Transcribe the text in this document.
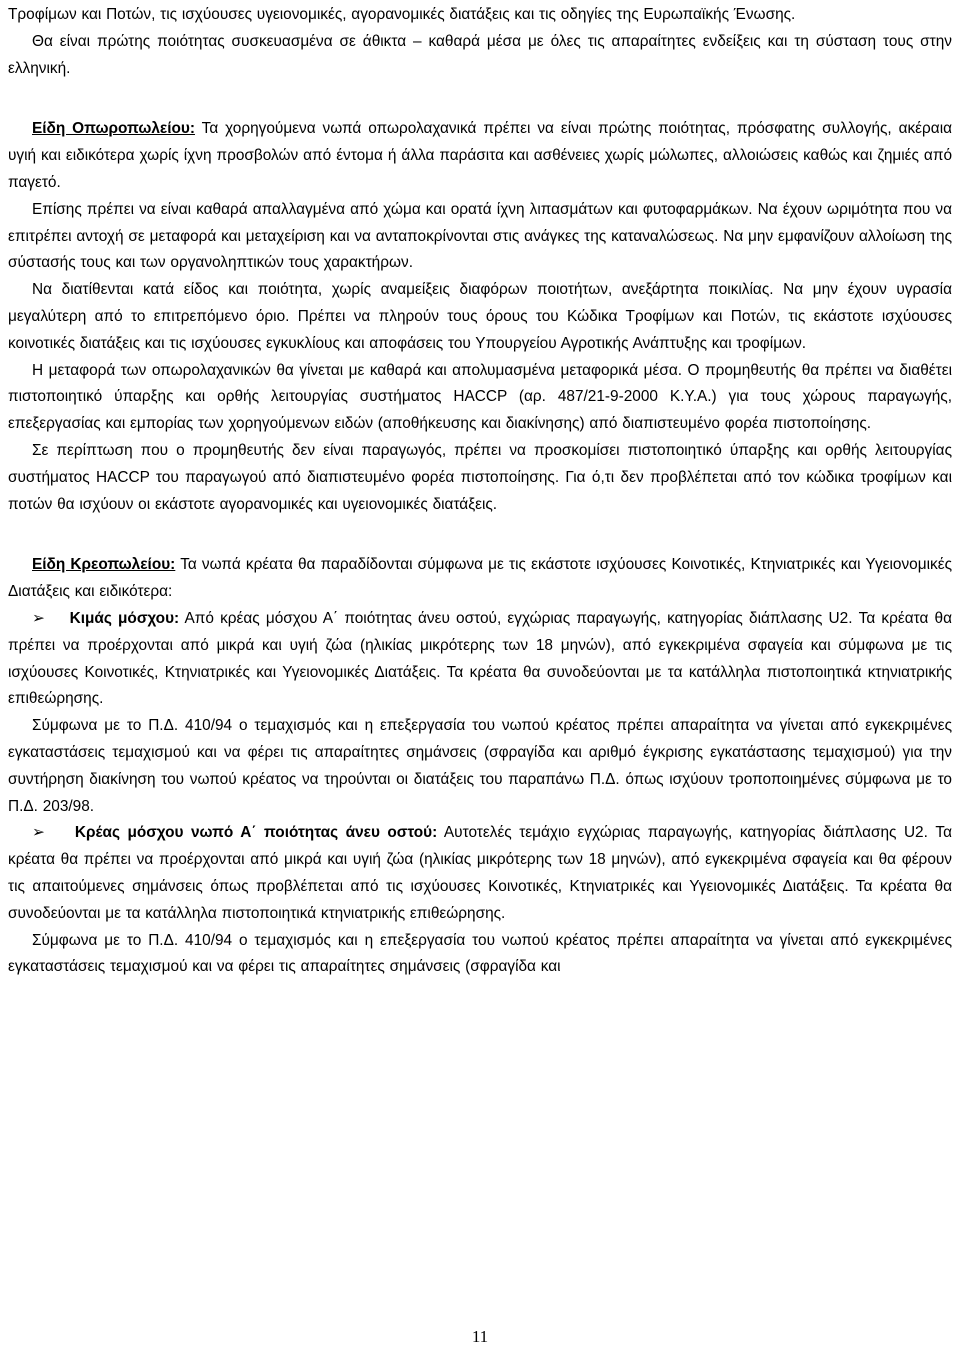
Τροφίμων και Ποτών, τις ισχύουσες υγειονομικές, αγορανομικές διατάξεις και τις οδηγίες της Ευρωπαϊκής Ένωσης.

Θα είναι πρώτης ποιότητας συσκευασμένα σε άθικτα – καθαρά μέσα με όλες τις απαραίτητες ενδείξεις και τη σύσταση τους στην ελληνική.

Είδη Οπωροπωλείου: Τα χορηγούμενα νωπά οπωρολαχανικά πρέπει να είναι πρώτης ποιότητας, πρόσφατης συλλογής, ακέραια υγιή και ειδικότερα χωρίς ίχνη προσβολών από έντομα ή άλλα παράσιτα και ασθένειες χωρίς μώλωπες, αλλοιώσεις καθώς και ζημιές από παγετό.

Επίσης πρέπει να είναι καθαρά απαλλαγμένα από χώμα και ορατά ίχνη λιπασμάτων και φυτοφαρμάκων. Να έχουν ωριμότητα που να επιτρέπει αντοχή σε μεταφορά και μεταχείριση και να ανταποκρίνονται στις ανάγκες της καταναλώσεως. Να μην εμφανίζουν αλλοίωση της σύστασής τους και των οργανοληπτικών τους χαρακτήρων.

Να διατίθενται κατά είδος και ποιότητα, χωρίς αναμείξεις διαφόρων ποιοτήτων, ανεξάρτητα ποικιλίας. Να μην έχουν υγρασία μεγαλύτερη από το επιτρεπόμενο όριο. Πρέπει να πληρούν τους όρους του Κώδικα Τροφίμων και Ποτών, τις εκάστοτε ισχύουσες κοινοτικές διατάξεις και τις ισχύουσες εγκυκλίους και αποφάσεις του Υπουργείου Αγροτικής Ανάπτυξης και τροφίμων.

Η μεταφορά των οπωρολαχανικών θα γίνεται με καθαρά και απολυμασμένα μεταφορικά μέσα. Ο προμηθευτής θα πρέπει να διαθέτει πιστοποιητικό ύπαρξης και ορθής λειτουργίας συστήματος HACCP (αρ. 487/21-9-2000 Κ.Υ.Α.) για τους χώρους παραγωγής, επεξεργασίας και εμπορίας των χορηγούμενων ειδών (αποθήκευσης και διακίνησης) από διαπιστευμένο φορέα πιστοποίησης.

Σε περίπτωση που ο προμηθευτής δεν είναι παραγωγός, πρέπει να προσκομίσει πιστοποιητικό ύπαρξης και ορθής λειτουργίας συστήματος HACCP του παραγωγού από διαπιστευμένο φορέα πιστοποίησης. Για ό,τι δεν προβλέπεται από τον κώδικα τροφίμων και ποτών θα ισχύουν οι εκάστοτε αγορανομικές και υγειονομικές διατάξεις.

Είδη Κρεοπωλείου: Τα νωπά κρέατα θα παραδίδονται σύμφωνα με τις εκάστοτε ισχύουσες Κοινοτικές, Κτηνιατρικές και Υγειονομικές Διατάξεις και ειδικότερα:

➢ Κιμάς μόσχου: Από κρέας μόσχου Α΄ ποιότητας άνευ οστού, εγχώριας παραγωγής, κατηγορίας διάπλασης U2. Τα κρέατα θα πρέπει να προέρχονται από μικρά και υγιή ζώα (ηλικίας μικρότερης των 18 μηνών), από εγκεκριμένα σφαγεία και σύμφωνα με τις ισχύουσες Κοινοτικές, Κτηνιατρικές και Υγειονομικές Διατάξεις. Τα κρέατα θα συνοδεύονται με τα κατάλληλα πιστοποιητικά κτηνιατρικής επιθεώρησης.

Σύμφωνα με το Π.Δ. 410/94 ο τεμαχισμός και η επεξεργασία του νωπού κρέατος πρέπει απαραίτητα να γίνεται από εγκεκριμένες εγκαταστάσεις τεμαχισμού και να φέρει τις απαραίτητες σημάνσεις (σφραγίδα και αριθμό έγκρισης εγκατάστασης τεμαχισμού) για την συντήρηση διακίνηση του νωπού κρέατος να τηρούνται οι διατάξεις του παραπάνω Π.Δ. όπως ισχύουν τροποποιημένες σύμφωνα με το Π.Δ. 203/98.

➢ Κρέας μόσχου νωπό Α΄ ποιότητας άνευ οστού: Αυτοτελές τεμάχιο εγχώριας παραγωγής, κατηγορίας διάπλασης U2. Τα κρέατα θα πρέπει να προέρχονται από μικρά και υγιή ζώα (ηλικίας μικρότερης των 18 μηνών), από εγκεκριμένα σφαγεία και θα φέρουν τις απαιτούμενες σημάνσεις όπως προβλέπεται από τις ισχύουσες Κοινοτικές, Κτηνιατρικές και Υγειονομικές Διατάξεις. Τα κρέατα θα συνοδεύονται με τα κατάλληλα πιστοποιητικά κτηνιατρικής επιθεώρησης.

Σύμφωνα με το Π.Δ. 410/94 ο τεμαχισμός και η επεξεργασία του νωπού κρέατος πρέπει απαραίτητα να γίνεται από εγκεκριμένες εγκαταστάσεις τεμαχισμού και να φέρει τις απαραίτητες σημάνσεις (σφραγίδα και

11
